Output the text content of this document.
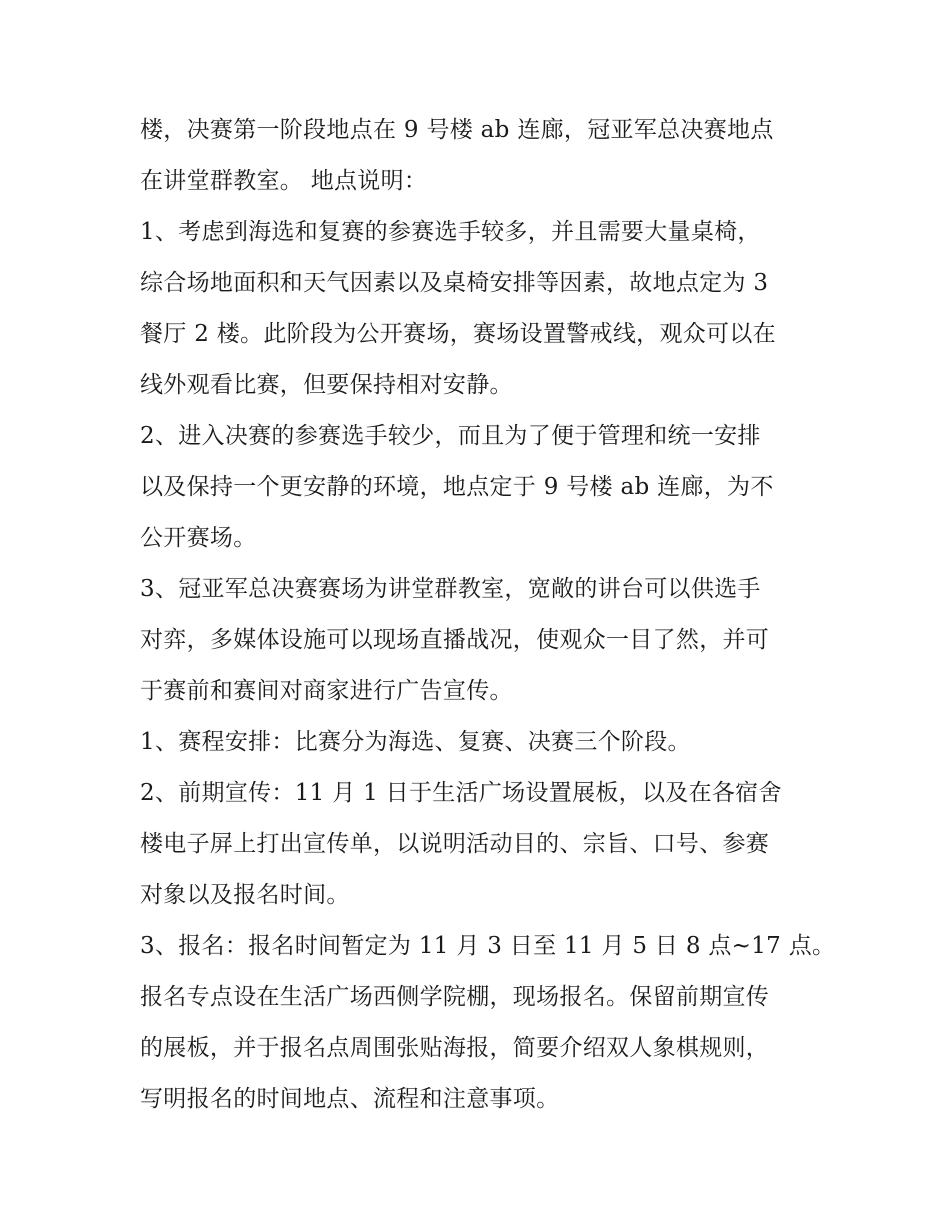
楼，决赛第一阶段地点在 9 号楼 ab 连廊，冠亚军总决赛地点
在讲堂群教室。 地点说明：
1、考虑到海选和复赛的参赛选手较多，并且需要大量桌椅，
综合场地面积和天气因素以及桌椅安排等因素，故地点定为 3
餐厅 2 楼。此阶段为公开赛场，赛场设置警戒线，观众可以在
线外观看比赛，但要保持相对安静。
2、进入决赛的参赛选手较少，而且为了便于管理和统一安排
以及保持一个更安静的环境，地点定于 9 号楼 ab 连廊，为不
公开赛场。
3、冠亚军总决赛赛场为讲堂群教室，宽敞的讲台可以供选手
对弈，多媒体设施可以现场直播战况，使观众一目了然，并可
于赛前和赛间对商家进行广告宣传。
1、赛程安排：比赛分为海选、复赛、决赛三个阶段。
2、前期宣传：11 月 1 日于生活广场设置展板，以及在各宿舍
楼电子屏上打出宣传单，以说明活动目的、宗旨、口号、参赛
对象以及报名时间。
3、报名：报名时间暂定为 11 月 3 日至 11 月 5 日 8 点~17 点。
报名专点设在生活广场西侧学院棚，现场报名。保留前期宣传
的展板，并于报名点周围张贴海报，简要介绍双人象棋规则，
写明报名的时间地点、流程和注意事项。
